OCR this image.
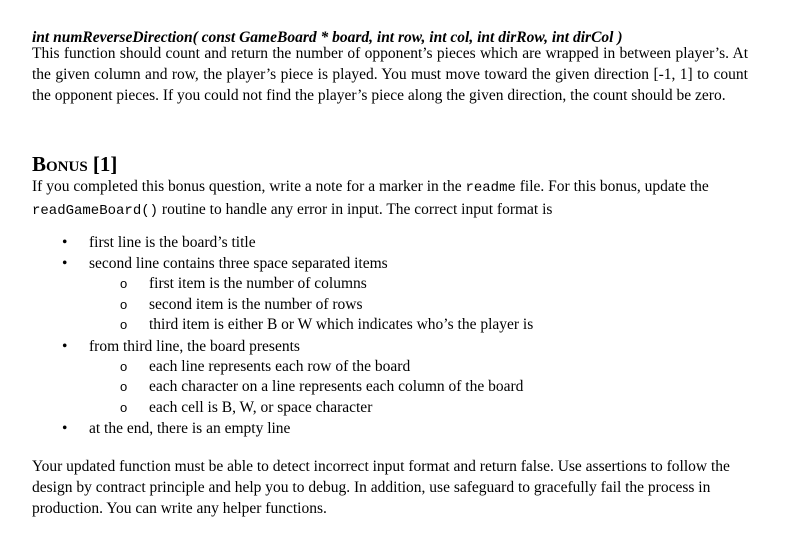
int numReverseDirection( const GameBoard * board, int row, int col, int dirRow, int dirCol )
This function should count and return the number of opponent’s pieces which are wrapped in between player’s. At the given column and row, the player’s piece is played. You must move toward the given direction [-1, 1] to count the opponent pieces. If you could not find the player’s piece along the given direction, the count should be zero.
Bonus [1]
If you completed this bonus question, write a note for a marker in the readme file. For this bonus, update the readGameBoard() routine to handle any error in input. The correct input format is
• first line is the board’s title
• second line contains three space separated items
o first item is the number of columns
o second item is the number of rows
o third item is either B or W which indicates who’s the player is
• from third line, the board presents
o each line represents each row of the board
o each character on a line represents each column of the board
o each cell is B, W, or space character
• at the end, there is an empty line
Your updated function must be able to detect incorrect input format and return false. Use assertions to follow the design by contract principle and help you to debug. In addition, use safeguard to gracefully fail the process in production. You can write any helper functions.
